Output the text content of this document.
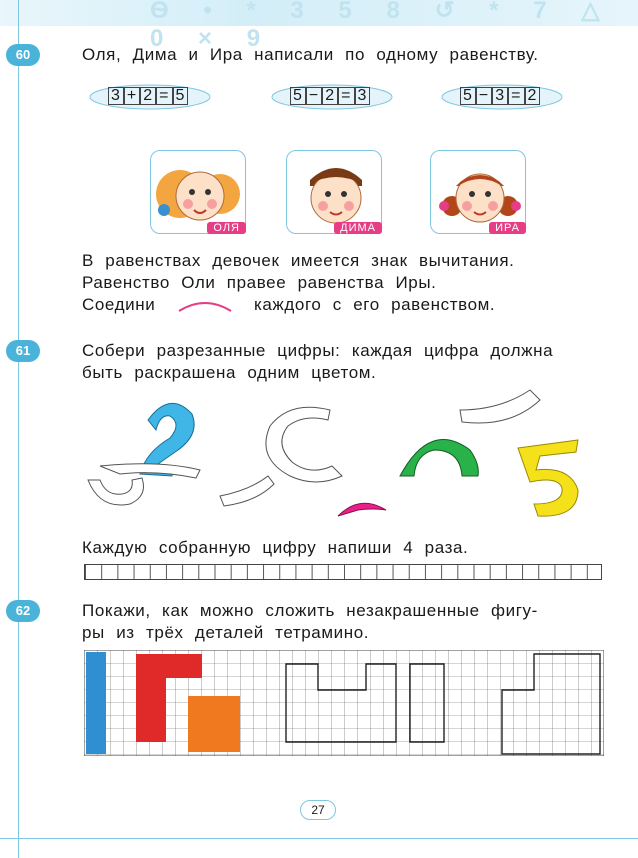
Ѳ • * 3 5 8 ↺ * 7 △ 0 × 9
60	Оля, Дима и Ира написали по одному равенству.
3 + 2 = 5	5 − 2 = 3	5 − 3 = 2
ОЛЯ	ДИМА	ИРА
В равенствах девочек имеется знак вычитания.
Равенство Оли правее равенства Иры.
Соедини	каждого с его равенством.
61	Собери разрезанные цифры: каждая цифра должна
быть раскрашена одним цветом.
Каждую собранную цифру напиши 4 раза.
62	Покажи, как можно сложить незакрашенные фигу-
ры из трёх деталей тетрамино.
27
